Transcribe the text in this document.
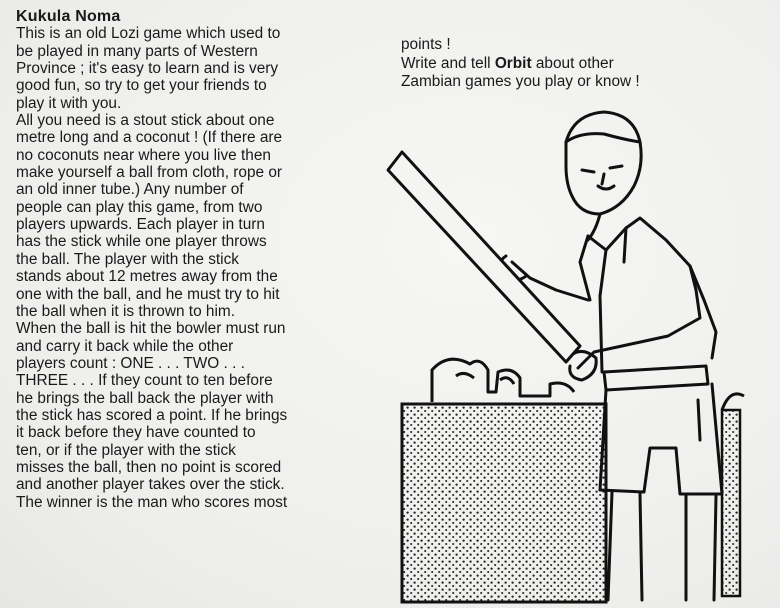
Kukula Noma
This is an old Lozi game which used to
be played in many parts of Western
Province ; it's easy to learn and is very
good fun, so try to get your friends to
play it with you.
All you need is a stout stick about one
metre long and a coconut ! (If there are
no coconuts near where you live then
make yourself a ball from cloth, rope or
an old inner tube.) Any number of
people can play this game, from two
players upwards. Each player in turn
has the stick while one player throws
the ball. The player with the stick
stands about 12 metres away from the
one with the ball, and he must try to hit
the ball when it is thrown to him.
When the ball is hit the bowler must run
and carry it back while the other
players count : ONE . . . TWO . . .
THREE . . . If they count to ten before
he brings the ball back the player with
the stick has scored a point. If he brings
it back before they have counted to
ten, or if the player with the stick
misses the ball, then no point is scored
and another player takes over the stick.
The winner is the man who scores most
points !
Write and tell Orbit about other
Zambian games you play or know !
